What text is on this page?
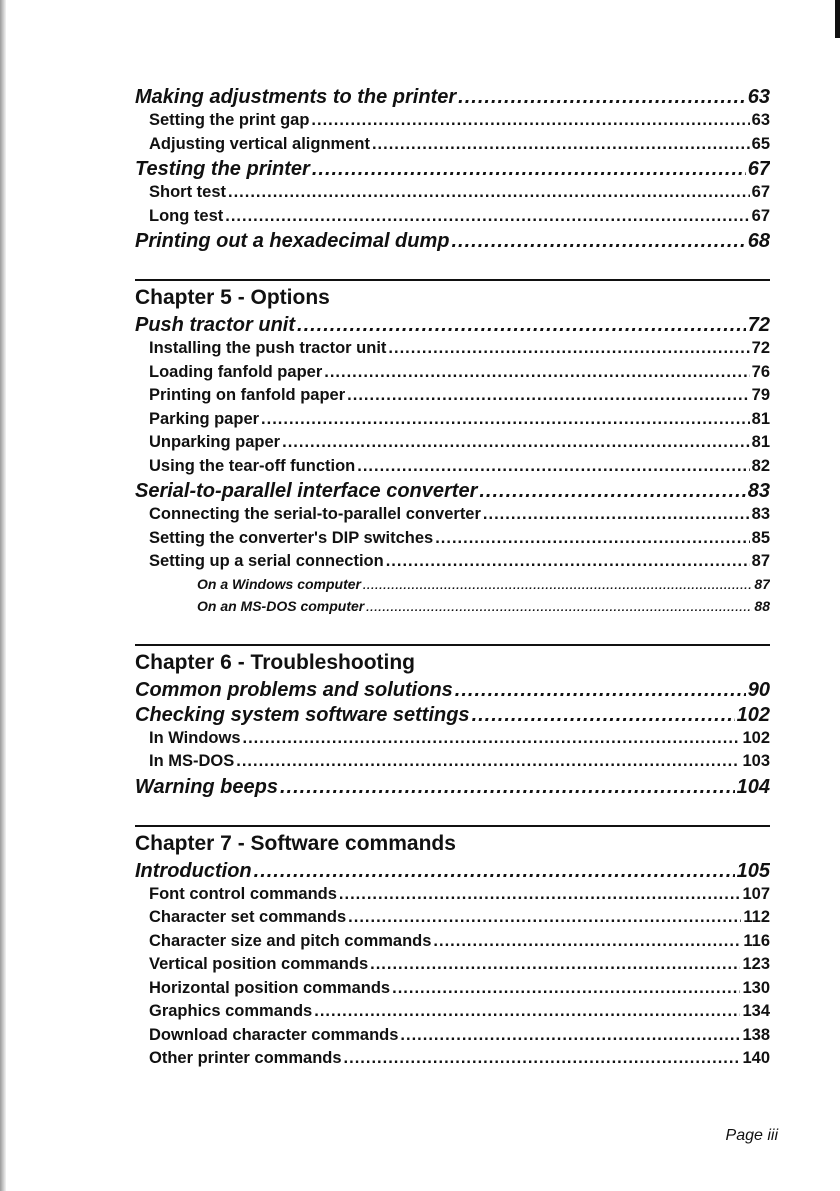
Making adjustments to the printer .....	63
Setting the print gap .....	63
Adjusting vertical alignment .....	65
Testing the printer .....	67
Short test .....	67
Long test .....	67
Printing out a hexadecimal dump .....	68
Chapter 5 - Options
Push tractor unit .....	72
Installing the push tractor unit .....	72
Loading fanfold paper .....	76
Printing on fanfold paper .....	79
Parking paper .....	81
Unparking paper .....	81
Using the tear-off function .....	82
Serial-to-parallel interface converter .....	83
Connecting the serial-to-parallel converter .....	83
Setting the converter's DIP switches .....	85
Setting up a serial connection .....	87
On a Windows computer .....	87
On an MS-DOS computer .....	88
Chapter 6 - Troubleshooting
Common problems and solutions .....	90
Checking system software settings .....	102
In Windows .....	102
In MS-DOS .....	103
Warning beeps .....	104
Chapter 7 - Software commands
Introduction .....	105
Font control commands .....	107
Character set commands .....	112
Character size and pitch commands .....	116
Vertical position commands .....	123
Horizontal position commands .....	130
Graphics commands .....	134
Download character commands .....	138
Other printer commands .....	140
Page iii
